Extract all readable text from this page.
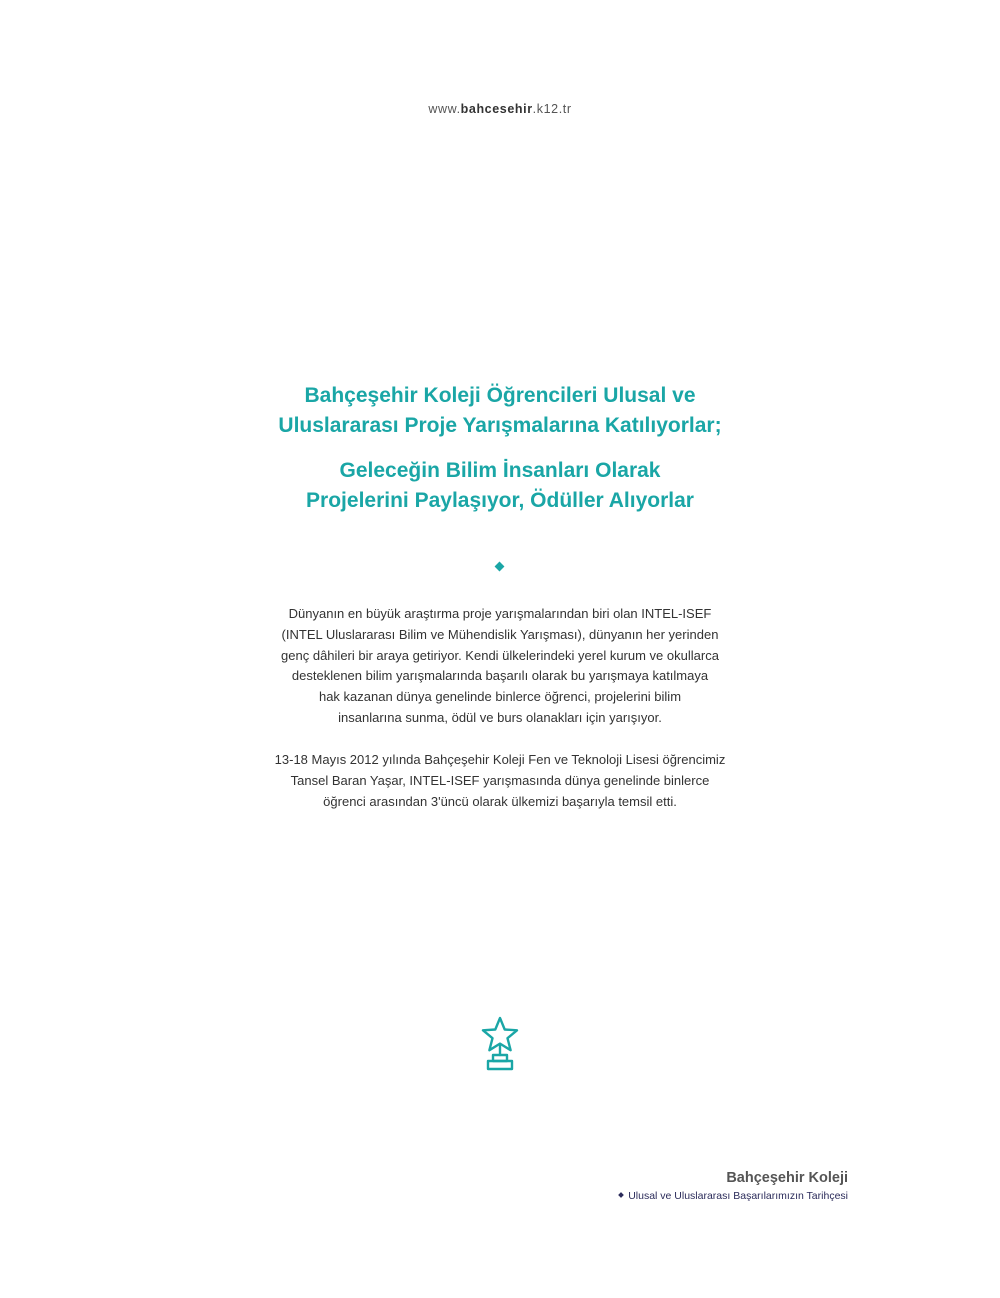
www.bahcesehir.k12.tr
Bahçeşehir Koleji Öğrencileri Ulusal ve
Uluslararası Proje Yarışmalarına Katılıyorlar;
Geleceğin Bilim İnsanları Olarak
Projelerini Paylaşıyor, Ödüller Alıyorlar

Dünyanın en büyük araştırma proje yarışmalarından biri olan INTEL-ISEF
(INTEL Uluslararası Bilim ve Mühendislik Yarışması), dünyanın her yerinden
genç dâhileri bir araya getiriyor. Kendi ülkelerindeki yerel kurum ve okullarca
desteklenen bilim yarışmalarında başarılı olarak bu yarışmaya katılmaya
hak kazanan dünya genelinde binlerce öğrenci, projelerini bilim
insanlarına sunma, ödül ve burs olanakları için yarışıyor.

13-18 Mayıs 2012 yılında Bahçeşehir Koleji Fen ve Teknoloji Lisesi öğrencimiz
Tansel Baran Yaşar, INTEL-ISEF yarışmasında dünya genelinde binlerce
öğrenci arasından 3'üncü olarak ülkemizi başarıyla temsil etti.

Bahçeşehir Koleji
Ulusal ve Uluslararası Başarılarımızın Tarihçesi
